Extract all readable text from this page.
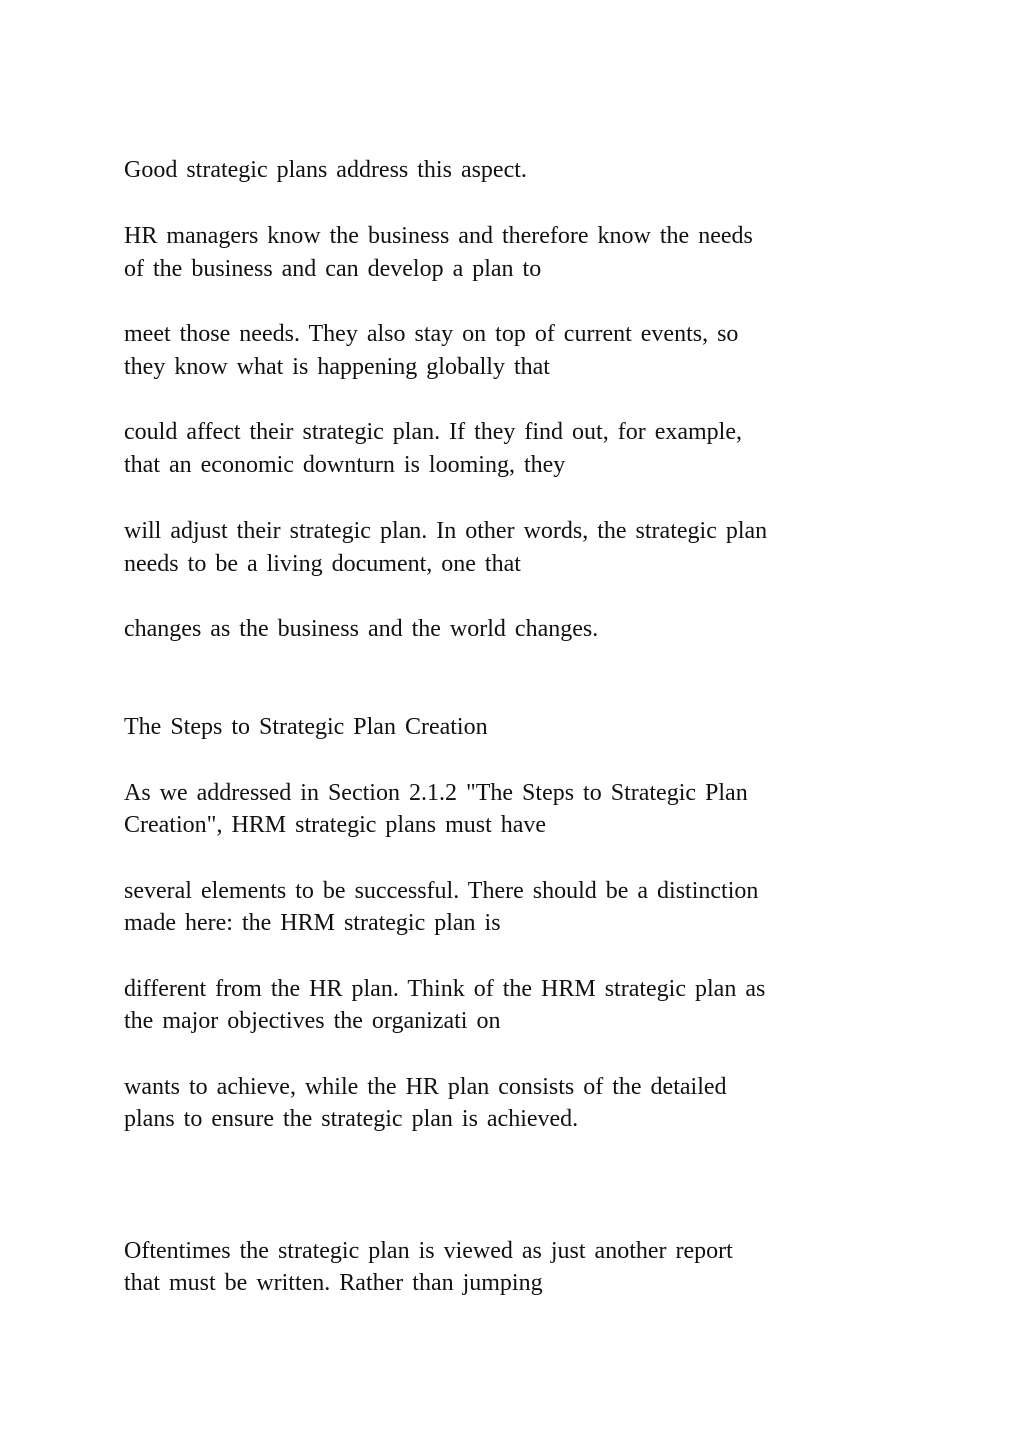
Good strategic plans address this aspect.

HR managers know the business and therefore know the needs

of the business and can develop a plan to

meet those needs. They also stay on top of current events, so

they know what is happening globally that

could affect their strategic plan. If they find out, for example,

that an economic downturn is looming, they

will adjust their strategic plan. In other words, the strategic plan

needs to be a living document, one that

changes as the business and the world changes.

The Steps to Strategic Plan Creation

As we addressed in Section 2.1.2 "The Steps to Strategic Plan

Creation", HRM strategic plans must have

several elements to be successful. There should be a distinction

made here: the HRM strategic plan is

different from the HR plan. Think of the HRM strategic plan as

the major objectives the organizati on

wants to achieve, while the HR plan consists of the detailed

plans to ensure the strategic plan is achieved.

Oftentimes the strategic plan is viewed as just another report

that must be written. Rather than jumping
